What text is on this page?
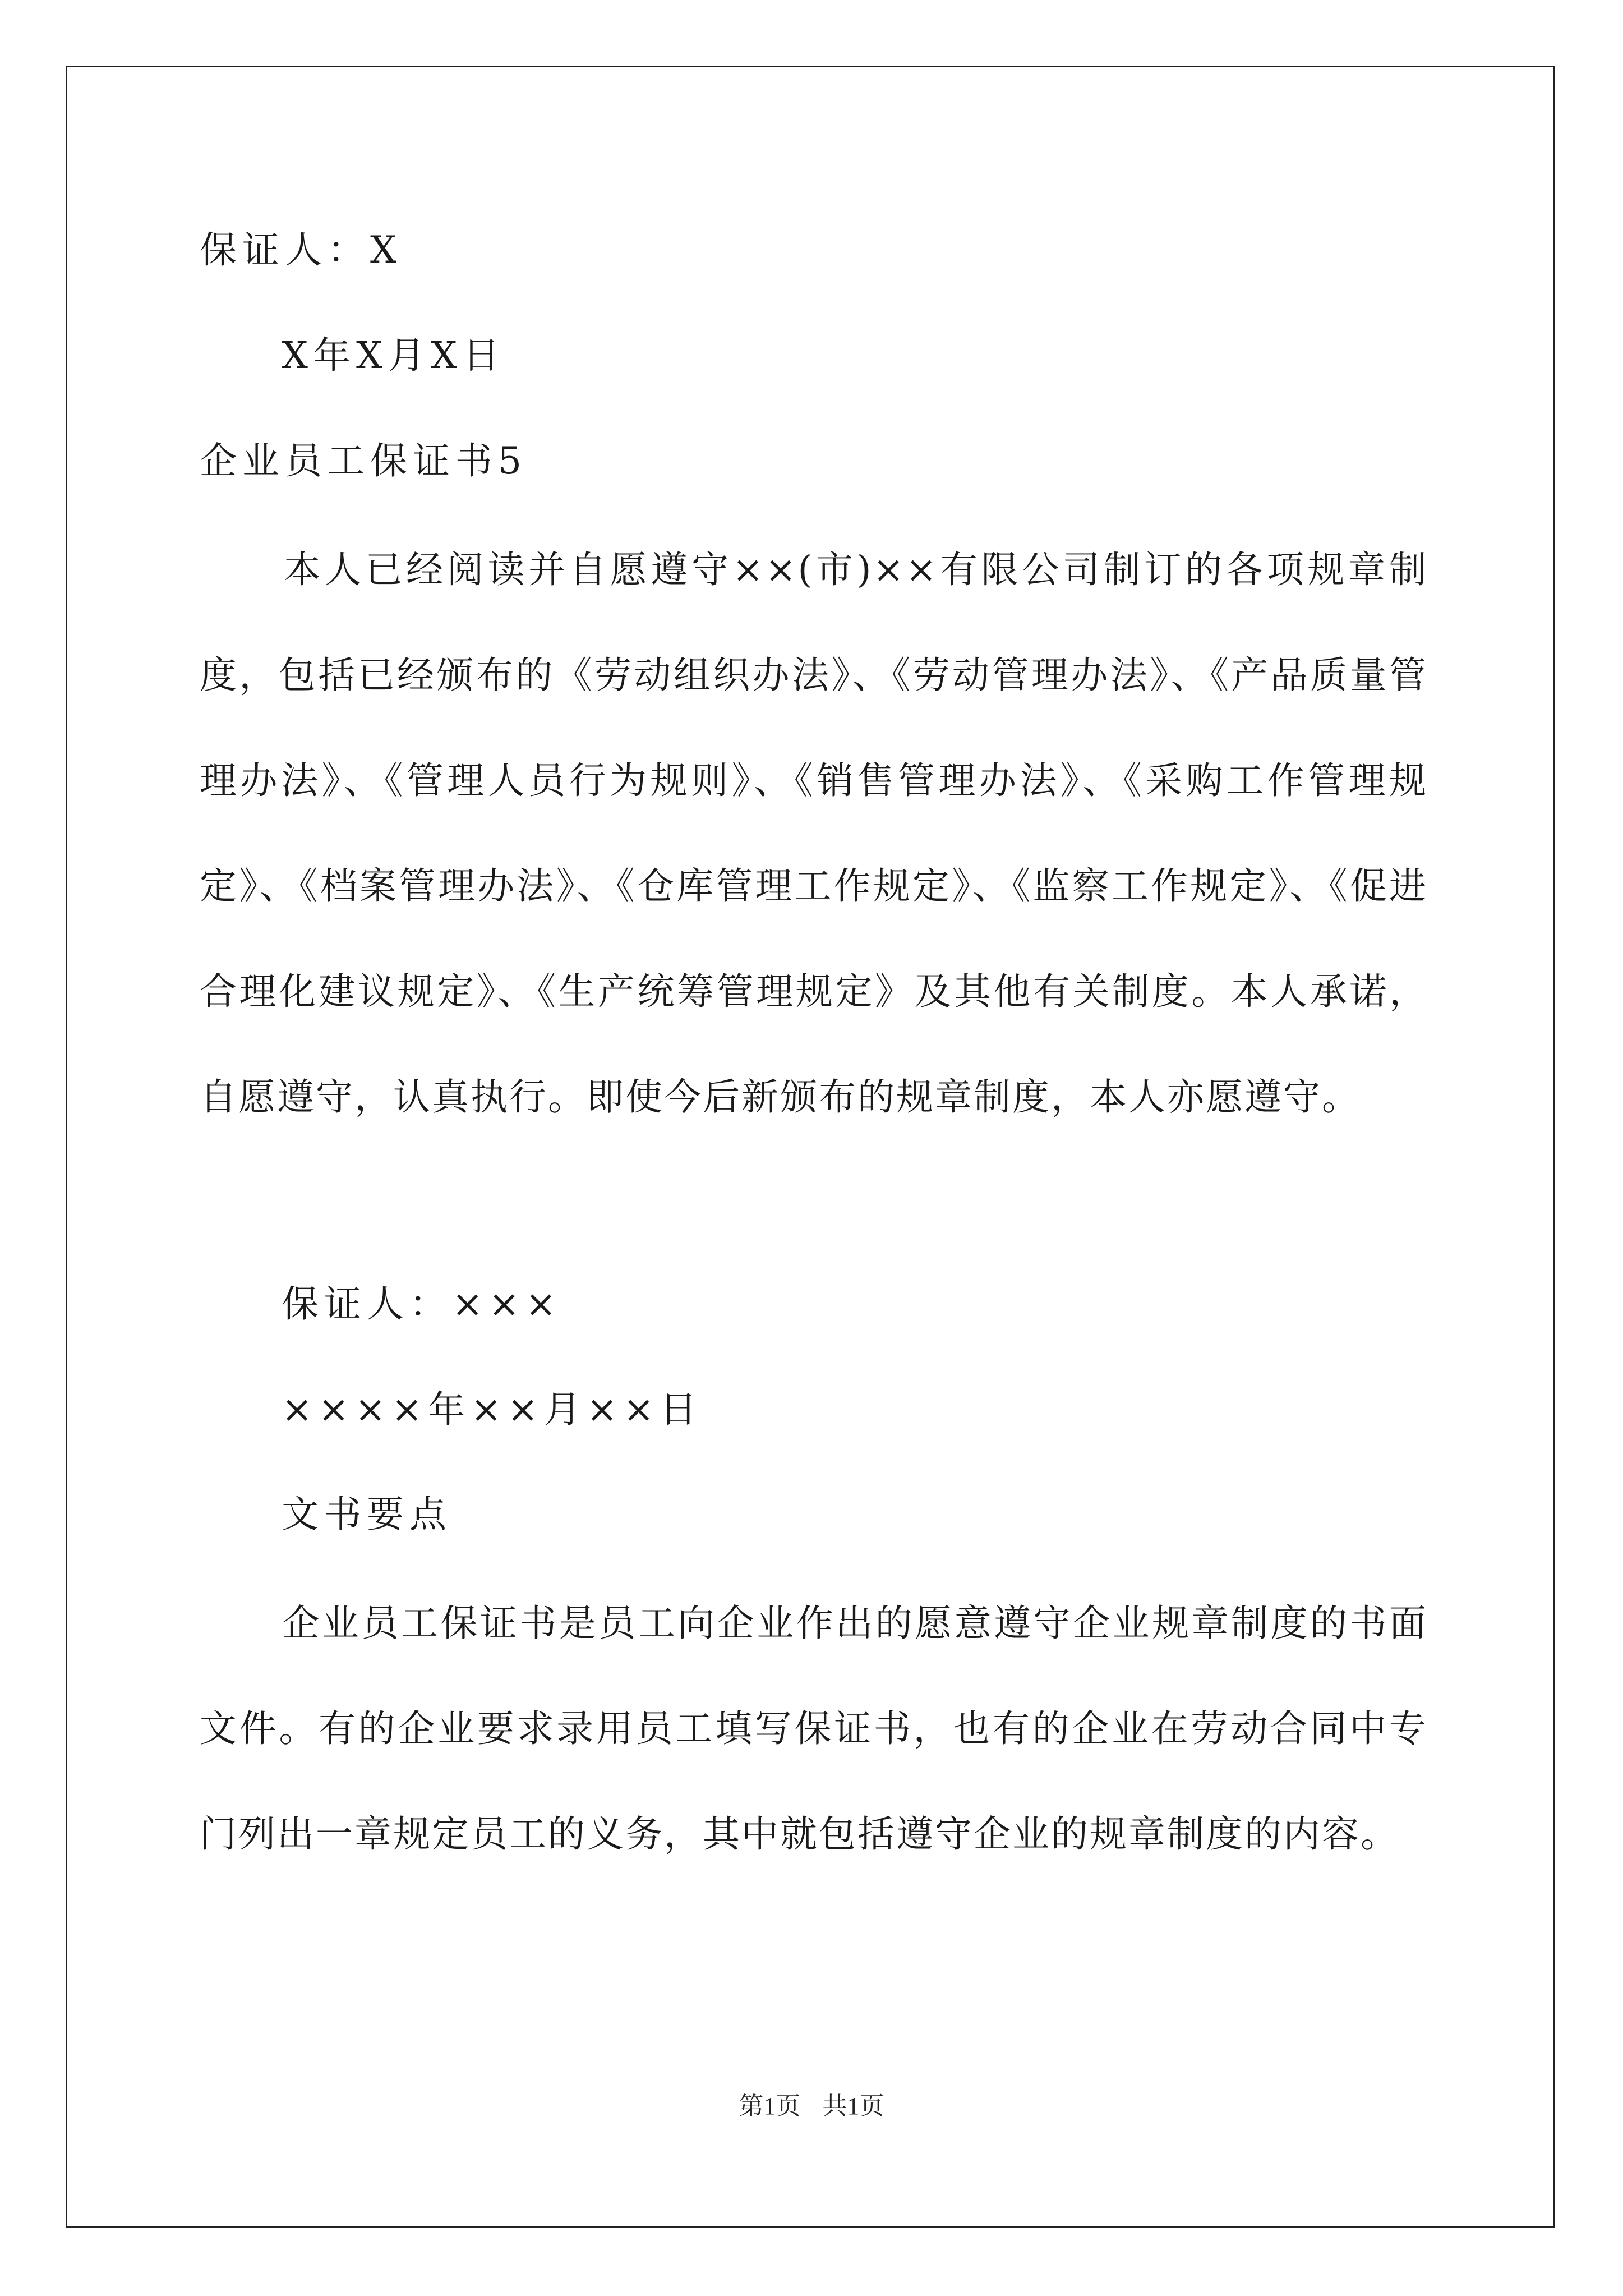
保证人：X
X年X月X日
企业员工保证书5

本人已经阅读并自愿遵守××(市)××有限公司制订的各项规章制度，包括已经颁布的《劳动组织办法》、《劳动管理办法》、《产品质量管理办法》、《管理人员行为规则》、《销售管理办法》、《采购工作管理规定》、《档案管理办法》、《仓库管理工作规定》、《监察工作规定》、《促进合理化建议规定》、《生产统筹管理规定》及其他有关制度。本人承诺，自愿遵守，认真执行。即使今后新颁布的规章制度，本人亦愿遵守。

保证人：×××
××××年××月××日
文书要点

企业员工保证书是员工向企业作出的愿意遵守企业规章制度的书面文件。有的企业要求录用员工填写保证书，也有的企业在劳动合同中专门列出一章规定员工的义务，其中就包括遵守企业的规章制度的内容。

第1页 共1页
